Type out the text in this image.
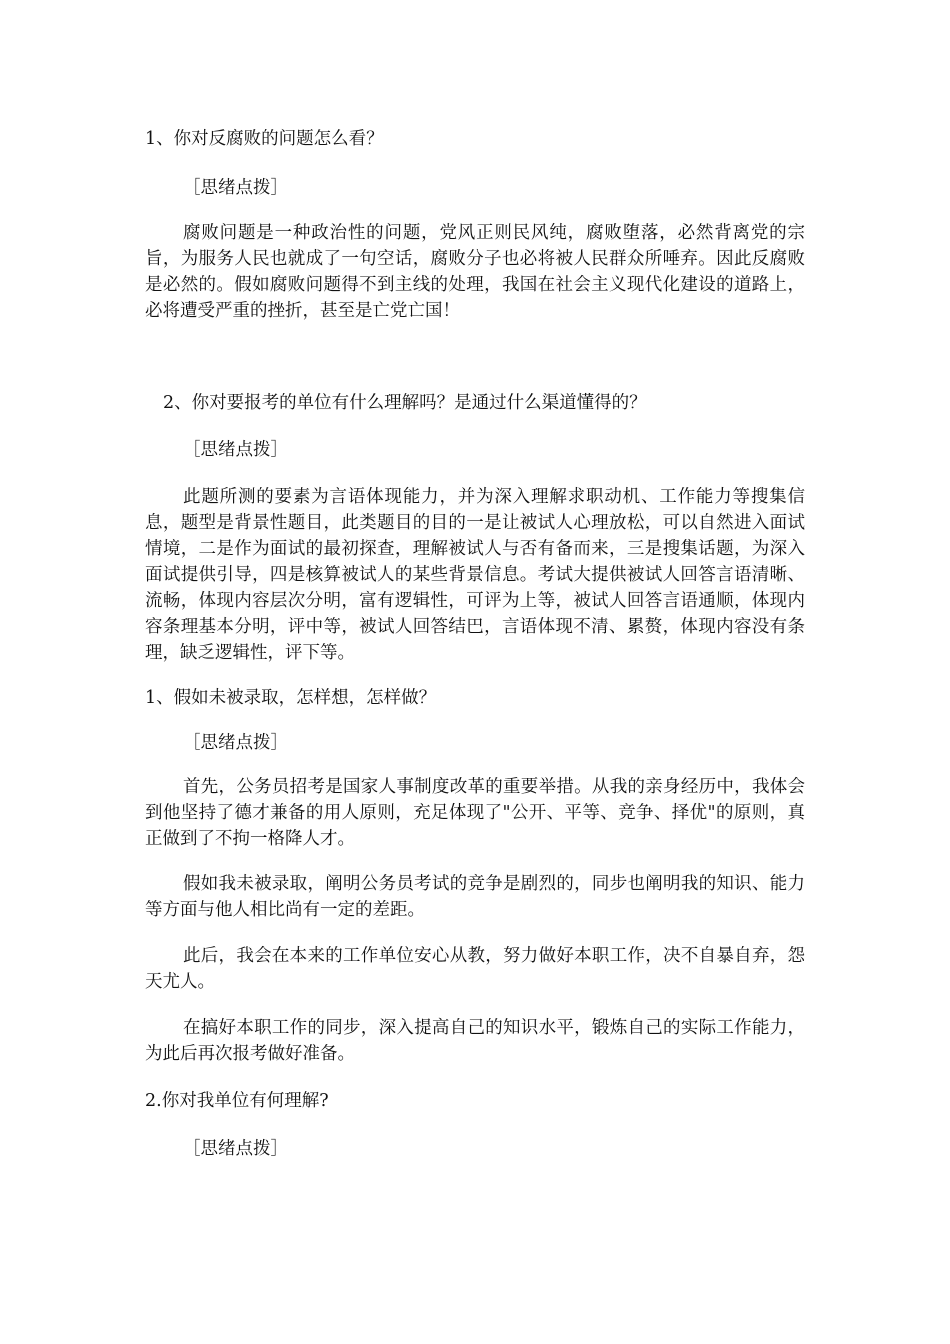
1、你对反腐败的问题怎么看？

［思绪点拨］

腐败问题是一种政治性的问题，党风正则民风纯，腐败堕落，必然背离党的宗旨，为服务人民也就成了一句空话，腐败分子也必将被人民群众所唾弃。因此反腐败是必然的。假如腐败问题得不到主线的处理，我国在社会主义现代化建设的道路上，必将遭受严重的挫折，甚至是亡党亡国！

2、你对要报考的单位有什么理解吗？是通过什么渠道懂得的？

［思绪点拨］

此题所测的要素为言语体现能力，并为深入理解求职动机、工作能力等搜集信息，题型是背景性题目，此类题目的目的一是让被试人心理放松，可以自然进入面试情境，二是作为面试的最初探查，理解被试人与否有备而来，三是搜集话题，为深入面试提供引导，四是核算被试人的某些背景信息。考试大提供被试人回答言语清晰、流畅，体现内容层次分明，富有逻辑性，可评为上等，被试人回答言语通顺，体现内容条理基本分明，评中等，被试人回答结巴，言语体现不清、累赘，体现内容没有条理，缺乏逻辑性，评下等。

1、假如未被录取，怎样想，怎样做？

［思绪点拨］

首先，公务员招考是国家人事制度改革的重要举措。从我的亲身经历中，我体会到他坚持了德才兼备的用人原则，充足体现了"公开、平等、竞争、择优"的原则，真正做到了不拘一格降人才。

假如我未被录取，阐明公务员考试的竞争是剧烈的，同步也阐明我的知识、能力等方面与他人相比尚有一定的差距。

此后，我会在本来的工作单位安心从教，努力做好本职工作，决不自暴自弃，怨天尤人。

在搞好本职工作的同步，深入提高自己的知识水平，锻炼自己的实际工作能力，为此后再次报考做好准备。

2.你对我单位有何理解?

［思绪点拨］
